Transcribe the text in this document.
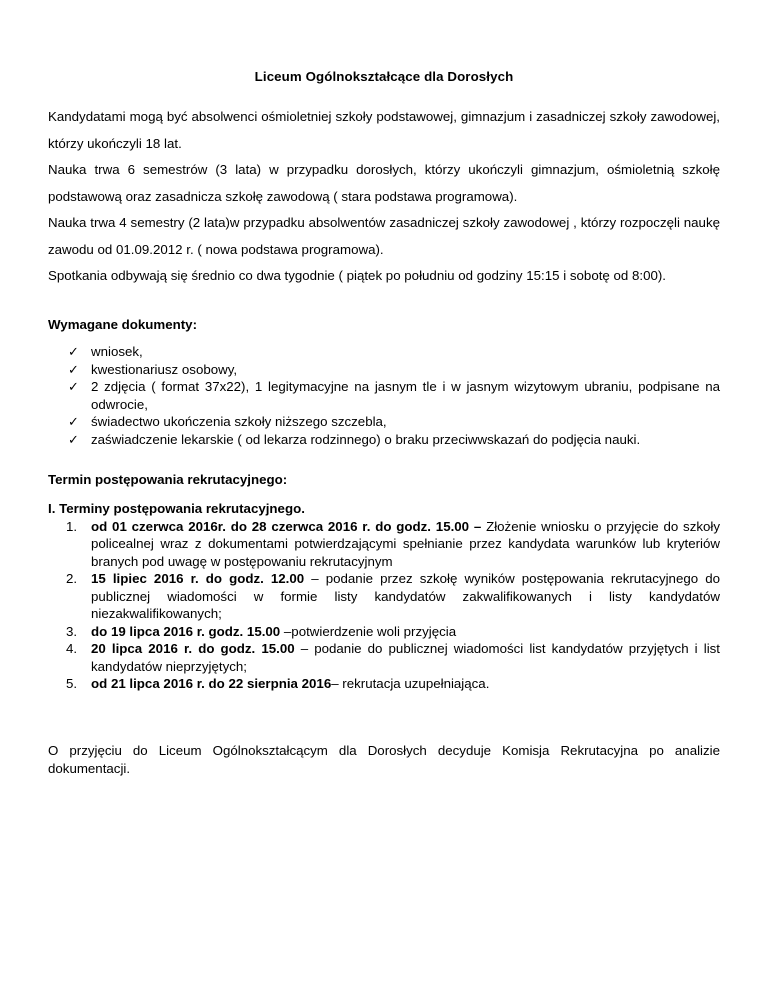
Liceum Ogólnokształcące dla Dorosłych

Kandydatami mogą być absolwenci ośmioletniej szkoły podstawowej, gimnazjum i zasadniczej szkoły zawodowej, którzy ukończyli 18 lat.

Nauka trwa 6 semestrów (3 lata) w przypadku dorosłych, którzy ukończyli gimnazjum, ośmioletnią szkołę podstawową oraz zasadnicza szkołę zawodową ( stara podstawa programowa).

Nauka trwa 4 semestry (2 lata)w przypadku absolwentów zasadniczej szkoły zawodowej , którzy rozpoczęli naukę zawodu od 01.09.2012 r. ( nowa podstawa programowa).

Spotkania odbywają się średnio co dwa tygodnie ( piątek po południu od godziny 15:15 i sobotę od 8:00).

Wymagane dokumenty:
✓ wniosek,
✓ kwestionariusz osobowy,
✓ 2 zdjęcia ( format 37x22), 1 legitymacyjne na jasnym tle i w jasnym wizytowym ubraniu, podpisane na odwrocie,
✓ świadectwo ukończenia szkoły niższego szczebla,
✓ zaświadczenie lekarskie ( od lekarza rodzinnego) o braku przeciwwskazań do podjęcia nauki.
Termin postępowania rekrutacyjnego:
I. Terminy postępowania rekrutacyjnego.
1. od 01 czerwca 2016r. do 28 czerwca 2016 r. do godz. 15.00 – Złożenie wniosku o przyjęcie do szkoły policealnej wraz z dokumentami potwierdzającymi spełnianie przez kandydata warunków lub kryteriów branych pod uwagę w postępowaniu rekrutacyjnym
2. 15 lipiec 2016 r. do godz. 12.00 – podanie przez szkołę wyników postępowania rekrutacyjnego do publicznej wiadomości w formie listy kandydatów zakwalifikowanych i listy kandydatów niezakwalifikowanych;
3. do 19 lipca 2016 r. godz. 15.00 –potwierdzenie woli przyjęcia
4. 20 lipca 2016 r. do godz. 15.00 – podanie do publicznej wiadomości list kandydatów przyjętych i list kandydatów nieprzyjętych;
5. od 21 lipca 2016 r. do 22 sierpnia 2016– rekrutacja uzupełniająca.
O przyjęciu do Liceum Ogólnokształcącym dla Dorosłych decyduje Komisja Rekrutacyjna po analizie dokumentacji.
